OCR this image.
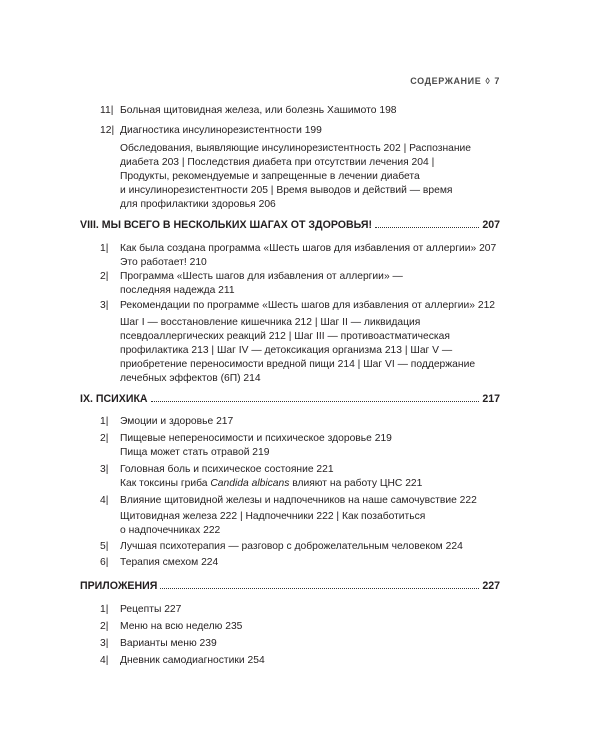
СОДЕРЖАНИЕ ◊ 7
11| Больная щитовидная железа, или болезнь Хашимото 198
12| Диагностика инсулинорезистентности 199
Обследования, выявляющие инсулинорезистентность 202 | Распознание
диабета 203 | Последствия диабета при отсутствии лечения 204 |
Продукты, рекомендуемые и запрещенные в лечении диабета
и инсулинорезистентности 205 | Время выводов и действий — время
для профилактики здоровья 206
VIII. МЫ ВСЕГО В НЕСКОЛЬКИХ ШАГАХ ОТ ЗДОРОВЬЯ!	207
1| Как была создана программа «Шесть шагов для избавления от аллергии» 207
Это работает! 210
2| Программа «Шесть шагов для избавления от аллергии» —
последняя надежда 211
3| Рекомендации по программе «Шесть шагов для избавления от аллергии» 212
Шаг I — восстановление кишечника 212 | Шаг II — ликвидация
псевдоаллергических реакций 212 | Шаг III — противоастматическая
профилактика 213 | Шаг IV — детоксикация организма 213 | Шаг V —
приобретение переносимости вредной пищи 214 | Шаг VI — поддержание
лечебных эффектов (6П) 214
IX. ПСИХИКА	217
1| Эмоции и здоровье 217
2| Пищевые непереносимости и психическое здоровье 219
Пища может стать отравой 219
3| Головная боль и психическое состояние 221
Как токсины гриба Candida albicans влияют на работу ЦНС 221
4| Влияние щитовидной железы и надпочечников на наше самочувствие 222
Щитовидная железа 222 | Надпочечники 222 | Как позаботиться
о надпочечниках 222
5| Лучшая психотерапия — разговор с доброжелательным человеком 224
6| Терапия смехом 224
ПРИЛОЖЕНИЯ	227
1| Рецепты 227
2| Меню на всю неделю 235
3| Варианты меню 239
4| Дневник самодиагностики 254
